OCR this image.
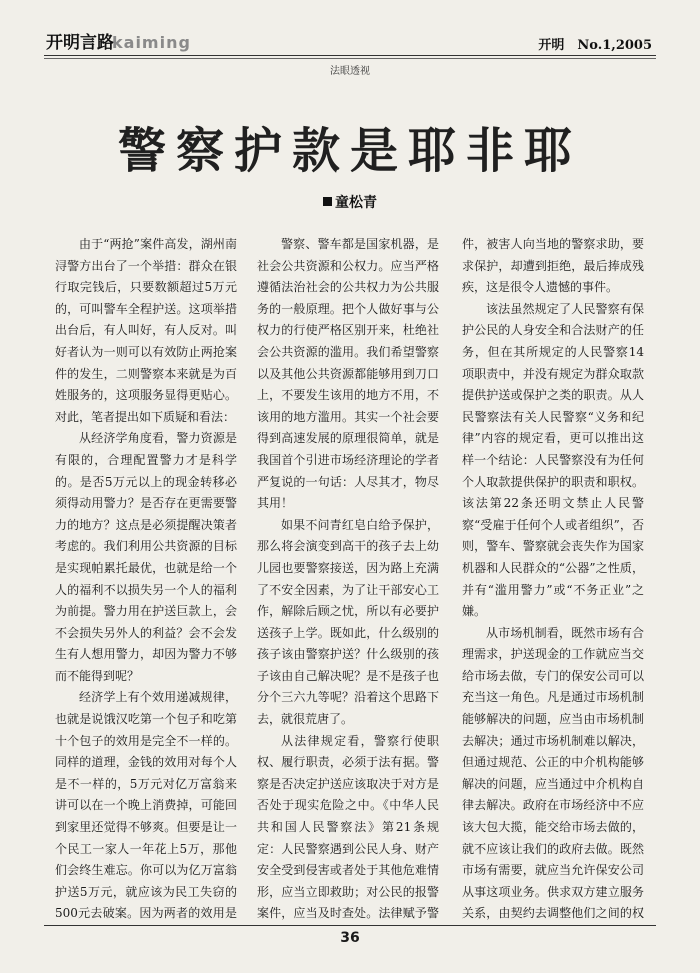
开明言路
kaiming	开明　No.1,2005
法眼透视
警察护款是耶非耶
童松青

由于“两抢”案件高发，湖州南浔警方出台了一个举措：群众在银行取完钱后，只要数额超过5万元的，可叫警车全程护送。这项举措出台后，有人叫好，有人反对。叫好者认为一则可以有效防止两抢案件的发生，二则警察本来就是为百姓服务的，这项服务显得更贴心。对此，笔者提出如下质疑和看法：

从经济学角度看，警力资源是有限的，合理配置警力才是科学的。是否5万元以上的现金转移必须得动用警力？是否存在更需要警力的地方？这点是必须提醒决策者考虑的。我们利用公共资源的目标是实现帕累托最优，也就是给一个人的福利不以损失另一个人的福利为前提。警力用在护送巨款上，会不会损失另外人的利益？会不会发生有人想用警力，却因为警力不够而不能得到呢？

经济学上有个效用递减规律，也就是说饿汉吃第一个包子和吃第十个包子的效用是完全不一样的。同样的道理，金钱的效用对每个人是不一样的，5万元对亿万富翁来讲可以在一个晚上消费掉，可能回到家里还觉得不够爽。但要是让一个民工一家人一年花上5万，那他们会终生难忘。你可以为亿万富翁护送5万元，就应该为民工失窃的500元去破案。因为两者的效用是

警察、警车都是国家机器，是社会公共资源和公权力。应当严格遵循法治社会的公共权力为公共服务的一般原理。把个人做好事与公权力的行使严格区别开来，杜绝社会公共资源的滥用。我们希望警察以及其他公共资源都能够用到刀口上，不要发生该用的地方不用，不该用的地方滥用。其实一个社会要得到高速发展的原理很简单，就是我国首个引进市场经济理论的学者严复说的一句话：人尽其才，物尽其用！

如果不问青红皂白给予保护，那么将会演变到高干的孩子去上幼儿园也要警察接送，因为路上充满了不安全因素，为了让干部安心工作，解除后顾之忧，所以有必要护送孩子上学。既如此，什么级别的孩子该由警察护送？什么级别的孩子该由自己解决呢？是不是孩子也分个三六九等呢？沿着这个思路下去，就很荒唐了。

从法律规定看，警察行使职权、履行职责，必须于法有据。警察是否决定护送应该取决于对方是否处于现实危险之中。《中华人民共和国人民警察法》第21条规定：人民警察遇到公民人身、财产安全受到侵害或者处于其他危难情形，应当立即救助；对公民的报警案件，应当及时查处。法律赋予警

件，被害人向当地的警察求助，要求保护，却遭到拒绝，最后捧成残疾，这是很令人遗憾的事件。

该法虽然规定了人民警察有保护公民的人身安全和合法财产的任务，但在其所规定的人民警察14项职责中，并没有规定为群众取款提供护送或保护之类的职责。从人民警察法有关人民警察“义务和纪律”内容的规定看，更可以推出这样一个结论：人民警察没有为任何个人取款提供保护的职责和职权。该法第22条还明文禁止人民警察“受雇于任何个人或者组织”，否则，警车、警察就会丧失作为国家机器和人民群众的“公器”之性质，并有“滥用警力”或“不务正业”之嫌。

从市场机制看，既然市场有合理需求，护送现金的工作就应当交给市场去做，专门的保安公司可以充当这一角色。凡是通过市场机制能够解决的问题，应当由市场机制去解决；通过市场机制难以解决，但通过规范、公正的中介机构能够解决的问题，应当通过中介机构自律去解决。政府在市场经济中不应该大包大揽，能交给市场去做的，就不应该让我们的政府去做。既然市场有需要，就应当允许保安公司从事这项业务。供求双方建立服务关系，由契约去调整他们之间的权

36
